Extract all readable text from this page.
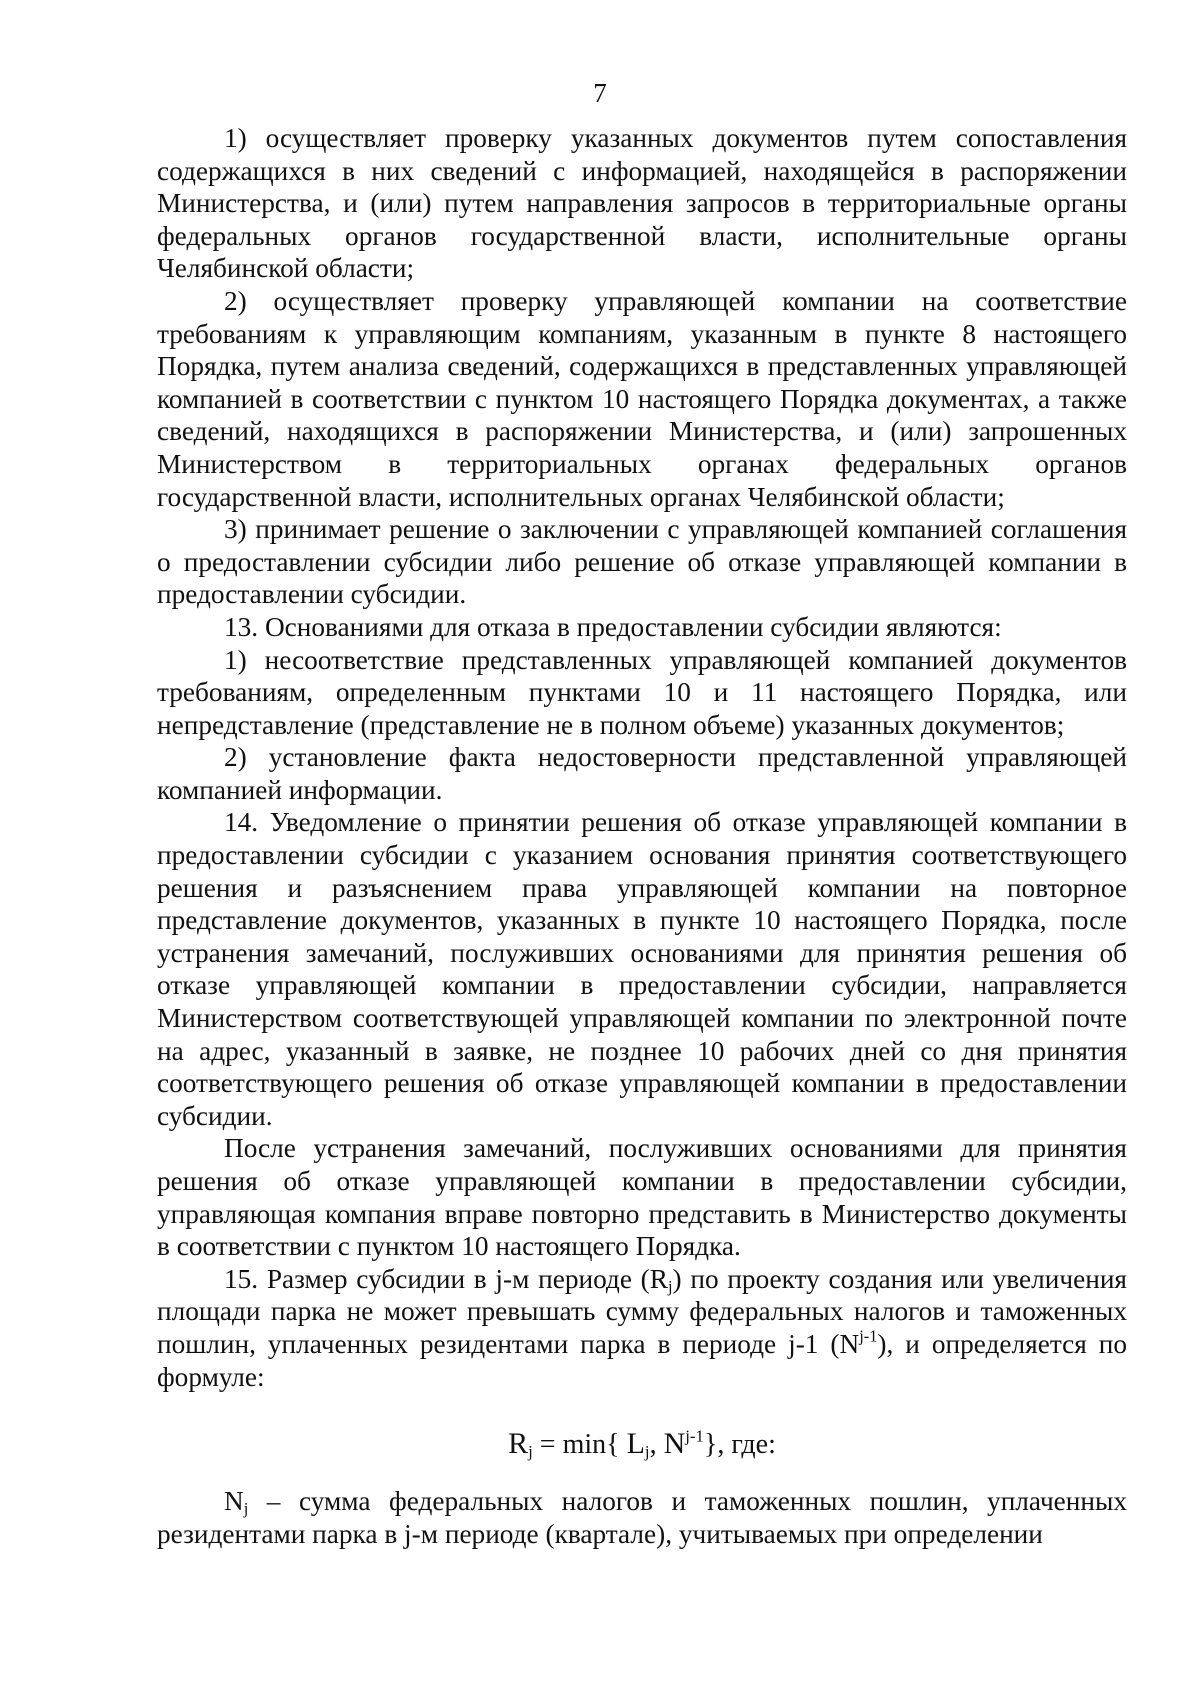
7

1) осуществляет проверку указанных документов путем сопоставления содержащихся в них сведений с информацией, находящейся в распоряжении Министерства, и (или) путем направления запросов в территориальные органы федеральных органов государственной власти, исполнительные органы Челябинской области;

2) осуществляет проверку управляющей компании на соответствие требованиям к управляющим компаниям, указанным в пункте 8 настоящего Порядка, путем анализа сведений, содержащихся в представленных управляющей компанией в соответствии с пунктом 10 настоящего Порядка документах, а также сведений, находящихся в распоряжении Министерства, и (или) запрошенных Министерством в территориальных органах федеральных органов государственной власти, исполнительных органах Челябинской области;

3) принимает решение о заключении с управляющей компанией соглашения о предоставлении субсидии либо решение об отказе управляющей компании в предоставлении субсидии.

13. Основаниями для отказа в предоставлении субсидии являются:

1) несоответствие представленных управляющей компанией документов требованиям, определенным пунктами 10 и 11 настоящего Порядка, или непредставление (представление не в полном объеме) указанных документов;

2) установление факта недостоверности представленной управляющей компанией информации.

14. Уведомление о принятии решения об отказе управляющей компании в предоставлении субсидии с указанием основания принятия соответствующего решения и разъяснением права управляющей компании на повторное представление документов, указанных в пункте 10 настоящего Порядка, после устранения замечаний, послуживших основаниями для принятия решения об отказе управляющей компании в предоставлении субсидии, направляется Министерством соответствующей управляющей компании по электронной почте на адрес, указанный в заявке, не позднее 10 рабочих дней со дня принятия соответствующего решения об отказе управляющей компании в предоставлении субсидии.

После устранения замечаний, послуживших основаниями для принятия решения об отказе управляющей компании в предоставлении субсидии, управляющая компания вправе повторно представить в Министерство документы в соответствии с пунктом 10 настоящего Порядка.

15. Размер субсидии в j-м периоде $(R_j)$ по проекту создания или увеличения площади парка не может превышать сумму федеральных налогов и таможенных пошлин, уплаченных резидентами парка в периоде j-1 $(N^{j-1})$, и определяется по формуле:

$R_j = \min${ $L_j$, $N^{j-1}$}, где:

$N_j$ – сумма федеральных налогов и таможенных пошлин, уплаченных резидентами парка в j-м периоде (квартале), учитываемых при определении
